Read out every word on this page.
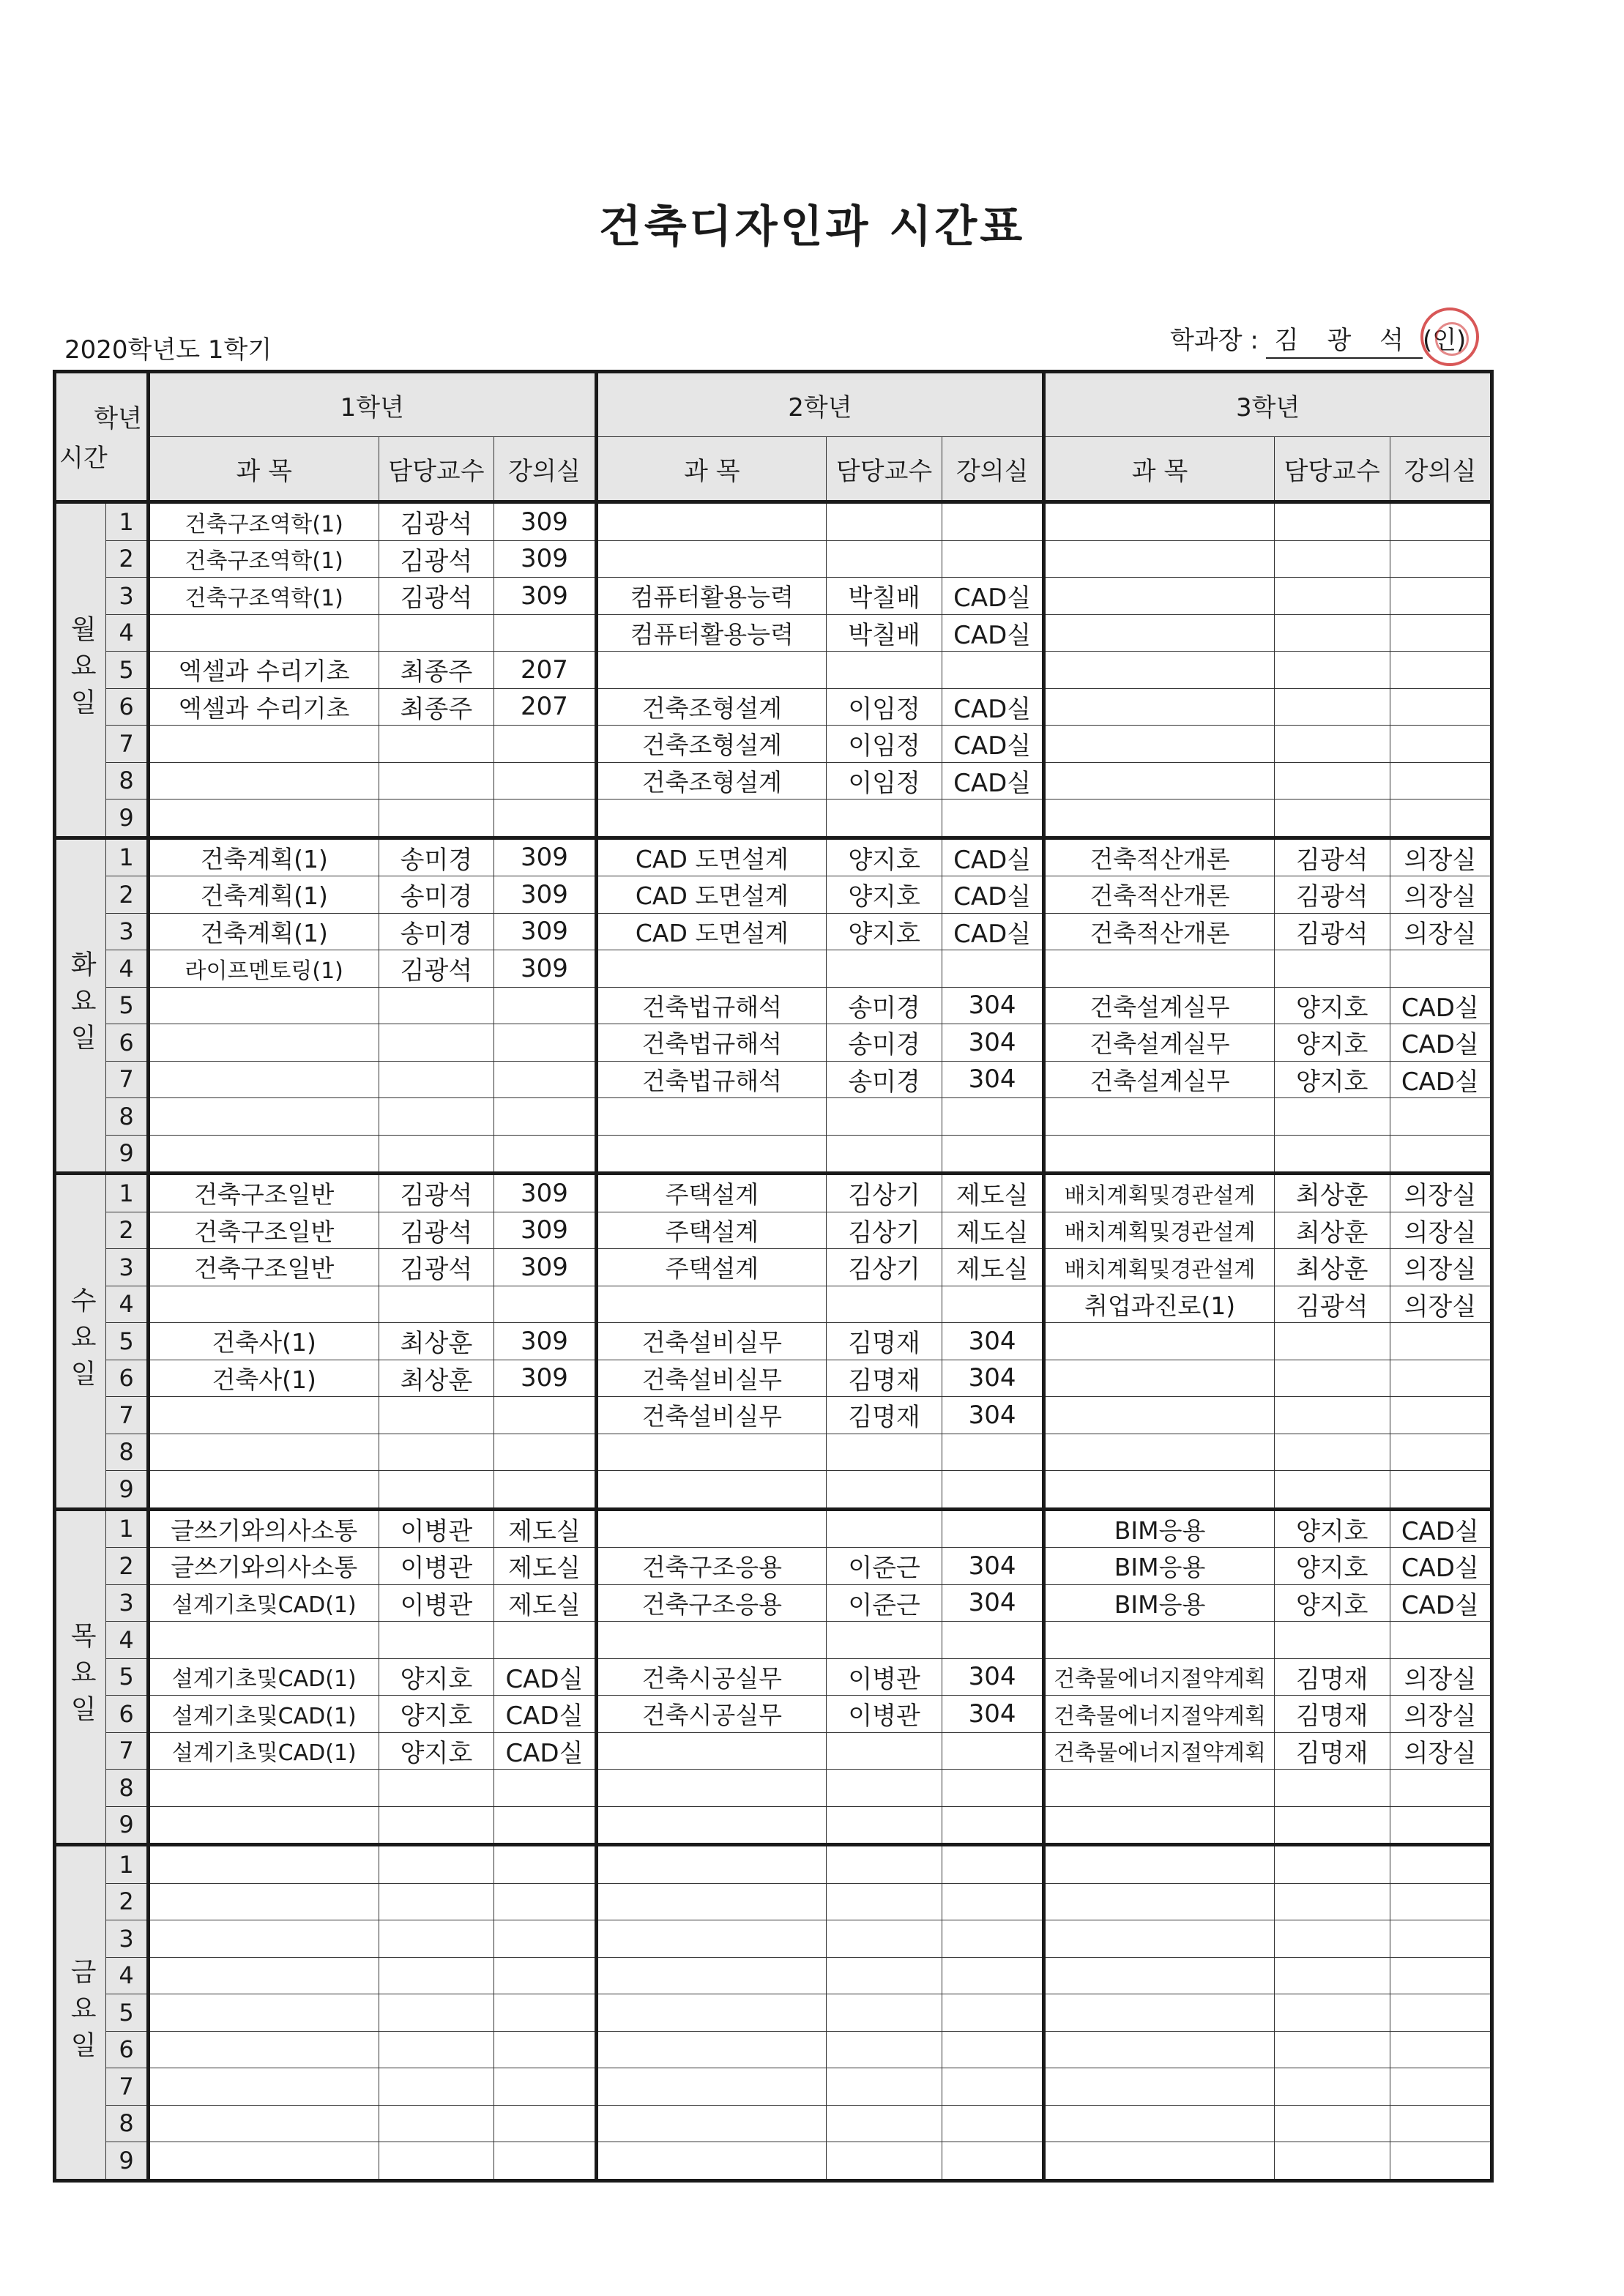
건축디자인과 시간표
2020학년도 1학기	학과장 : 김 광 석 (인)
학년
시간		1학년			2학년			3학년		
		과 목	담당교수	강의실	과 목	담당교수	강의실	과 목	담당교수	강의실
월요일	1	건축구조역학(1)	김광석	309						
	2	건축구조역학(1)	김광석	309						
	3	건축구조역학(1)	김광석	309	컴퓨터활용능력	박칠배	CAD실			
	4				컴퓨터활용능력	박칠배	CAD실			
	5	엑셀과 수리기초	최종주	207						
	6	엑셀과 수리기초	최종주	207	건축조형설계	이임정	CAD실			
	7				건축조형설계	이임정	CAD실			
	8				건축조형설계	이임정	CAD실			
	9									
화요일	1	건축계획(1)	송미경	309	CAD 도면설계	양지호	CAD실	건축적산개론	김광석	의장실
	2	건축계획(1)	송미경	309	CAD 도면설계	양지호	CAD실	건축적산개론	김광석	의장실
	3	건축계획(1)	송미경	309	CAD 도면설계	양지호	CAD실	건축적산개론	김광석	의장실
	4	라이프멘토링(1)	김광석	309						
	5				건축법규해석	송미경	304	건축설계실무	양지호	CAD실
	6				건축법규해석	송미경	304	건축설계실무	양지호	CAD실
	7				건축법규해석	송미경	304	건축설계실무	양지호	CAD실
	8									
	9									
수요일	1	건축구조일반	김광석	309	주택설계	김상기	제도실	배치계획및경관설계	최상훈	의장실
	2	건축구조일반	김광석	309	주택설계	김상기	제도실	배치계획및경관설계	최상훈	의장실
	3	건축구조일반	김광석	309	주택설계	김상기	제도실	배치계획및경관설계	최상훈	의장실
	4							취업과진로(1)	김광석	의장실
	5	건축사(1)	최상훈	309	건축설비실무	김명재	304			
	6	건축사(1)	최상훈	309	건축설비실무	김명재	304			
	7				건축설비실무	김명재	304			
	8									
	9									
목요일	1	글쓰기와의사소통	이병관	제도실				BIM응용	양지호	CAD실
	2	글쓰기와의사소통	이병관	제도실	건축구조응용	이준근	304	BIM응용	양지호	CAD실
	3	설계기초및CAD(1)	이병관	제도실	건축구조응용	이준근	304	BIM응용	양지호	CAD실
	4									
	5	설계기초및CAD(1)	양지호	CAD실	건축시공실무	이병관	304	건축물에너지절약계획	김명재	의장실
	6	설계기초및CAD(1)	양지호	CAD실	건축시공실무	이병관	304	건축물에너지절약계획	김명재	의장실
	7	설계기초및CAD(1)	양지호	CAD실				건축물에너지절약계획	김명재	의장실
	8									
	9									
금요일	1									
	2									
	3									
	4									
	5									
	6									
	7									
	8									
	9									
